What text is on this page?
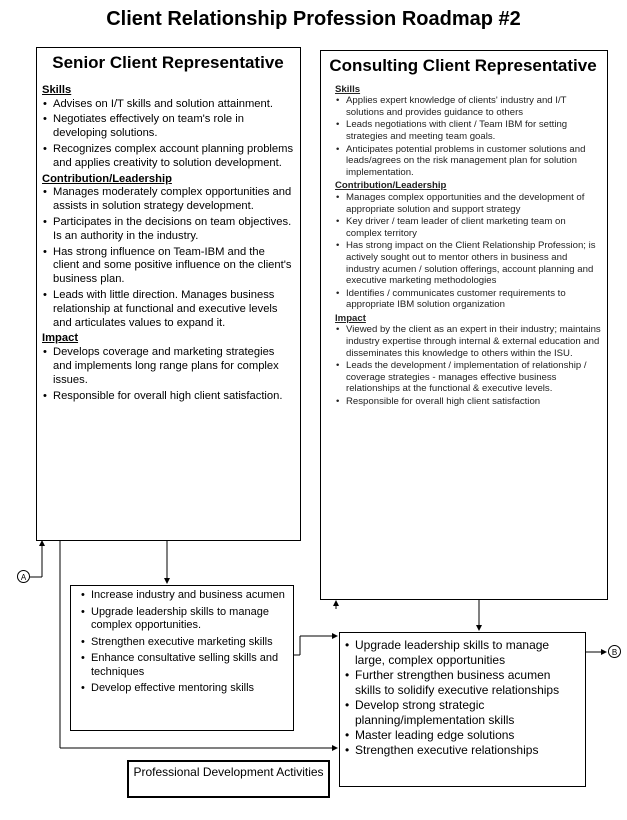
Client Relationship Profession Roadmap #2
Senior Client Representative
Skills
• Advises on I/T skills and solution attainment.
• Negotiates effectively on team's role in developing solutions.
• Recognizes complex account planning problems and applies creativity to solution development.
Contribution/Leadership
• Manages moderately complex opportunities and assists in solution strategy development.
• Participates in the decisions on team objectives. Is an authority in the industry.
• Has strong influence on Team-IBM and the client and some positive influence on the client's business plan.
• Leads with little direction. Manages business relationship at functional and executive levels and articulates values to expand it.
Impact
• Develops coverage and marketing strategies and implements long range plans for complex issues.
• Responsible for overall high client satisfaction.
Consulting Client Representative
Skills
• Applies expert knowledge of clients' industry and I/T solutions and provides guidance to others
• Leads negotiations with client / Team IBM for setting strategies and meeting team goals.
• Anticipates potential problems in customer solutions and leads/agrees on the risk management plan for solution implementation.
Contribution/Leadership
• Manages complex opportunities and the development of appropriate solution and support strategy
• Key driver / team leader of client marketing team on complex territory
• Has strong impact on the Client Relationship Profession; is actively sought out to mentor others in business and industry acumen / solution offerings, account planning and executive marketing methodologies
• Identifies / communicates customer requirements to appropriate IBM solution organization
Impact
• Viewed by the client as an expert in their industry; maintains industry expertise through internal & external education and disseminates this knowledge to others within the ISU.
• Leads the development / implementation of relationship / coverage strategies - manages effective business relationships at the functional & executive levels.
• Responsible for overall high client satisfaction
• Increase industry and business acumen
• Upgrade leadership skills to manage complex opportunities.
• Strengthen executive marketing skills
• Enhance consultative selling skills and techniques
• Develop effective mentoring skills
• Upgrade leadership skills to manage large, complex opportunities
• Further strengthen business acumen skills to solidify executive relationships
• Develop strong strategic planning/implementation skills
• Master leading edge solutions
• Strengthen executive relationships
Professional Development Activities
A
B
